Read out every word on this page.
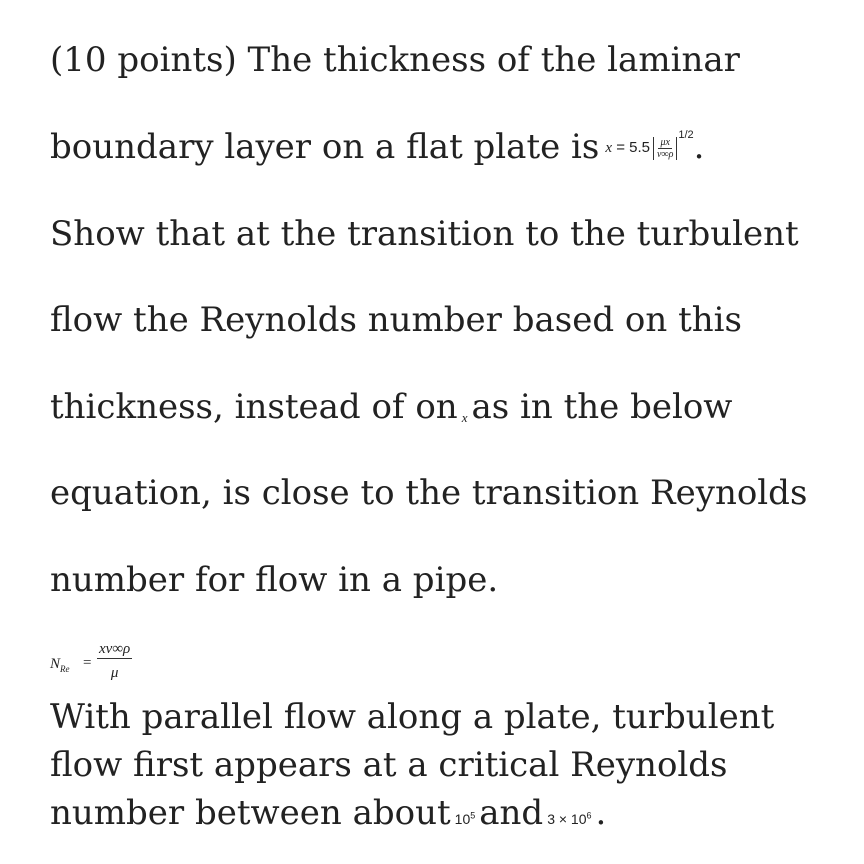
(10 points) The thickness of the laminar
boundary layer on a flat plate is $x = 5.5 \frac{\mu x}{v\infty\rho}$
$^{1/2}$.
Show that at the transition to the turbulent
flow the Reynolds number based on this
thickness, instead of on x as in the below
equation, is close to the transition Reynolds
number for flow in a pipe.
$N_{Re} = \frac{xv\infty\rho}{\mu}$
With parallel flow along a plate, turbulent
flow first appears at a critical Reynolds
number between about $10^5$ and $3 \times 10^6$ .
